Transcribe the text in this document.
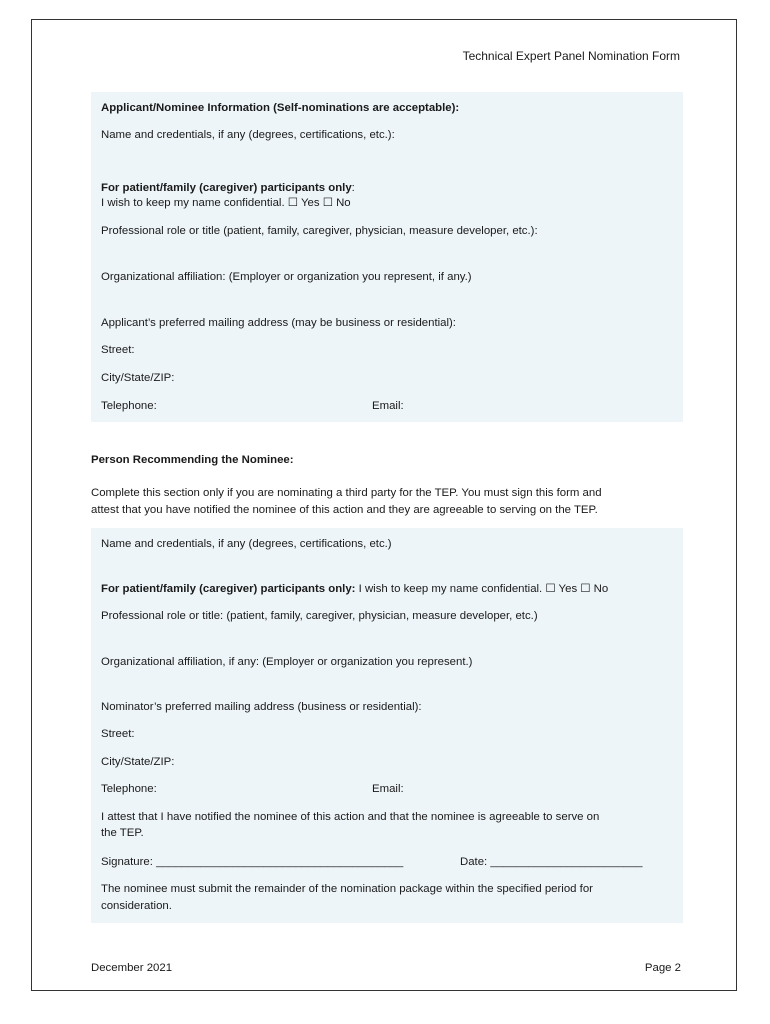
Technical Expert Panel Nomination Form
Applicant/Nominee Information (Self-nominations are acceptable):
Name and credentials, if any (degrees, certifications, etc.):
For patient/family (caregiver) participants only:
I wish to keep my name confidential. ☐ Yes ☐ No
Professional role or title (patient, family, caregiver, physician, measure developer, etc.):
Organizational affiliation: (Employer or organization you represent, if any.)
Applicant’s preferred mailing address (may be business or residential):
Street:
City/State/ZIP:
Telephone:	Email:
Person Recommending the Nominee:
Complete this section only if you are nominating a third party for the TEP. You must sign this form and
attest that you have notified the nominee of this action and they are agreeable to serving on the TEP.
Name and credentials, if any (degrees, certifications, etc.)
For patient/family (caregiver) participants only: I wish to keep my name confidential. ☐ Yes ☐ No
Professional role or title: (patient, family, caregiver, physician, measure developer, etc.)
Organizational affiliation, if any: (Employer or organization you represent.)
Nominator’s preferred mailing address (business or residential):
Street:
City/State/ZIP:
Telephone:	Email:
I attest that I have notified the nominee of this action and that the nominee is agreeable to serve on
the TEP.
Signature: _______________________________________	Date: ________________________
The nominee must submit the remainder of the nomination package within the specified period for
consideration.
December 2021	Page 2
